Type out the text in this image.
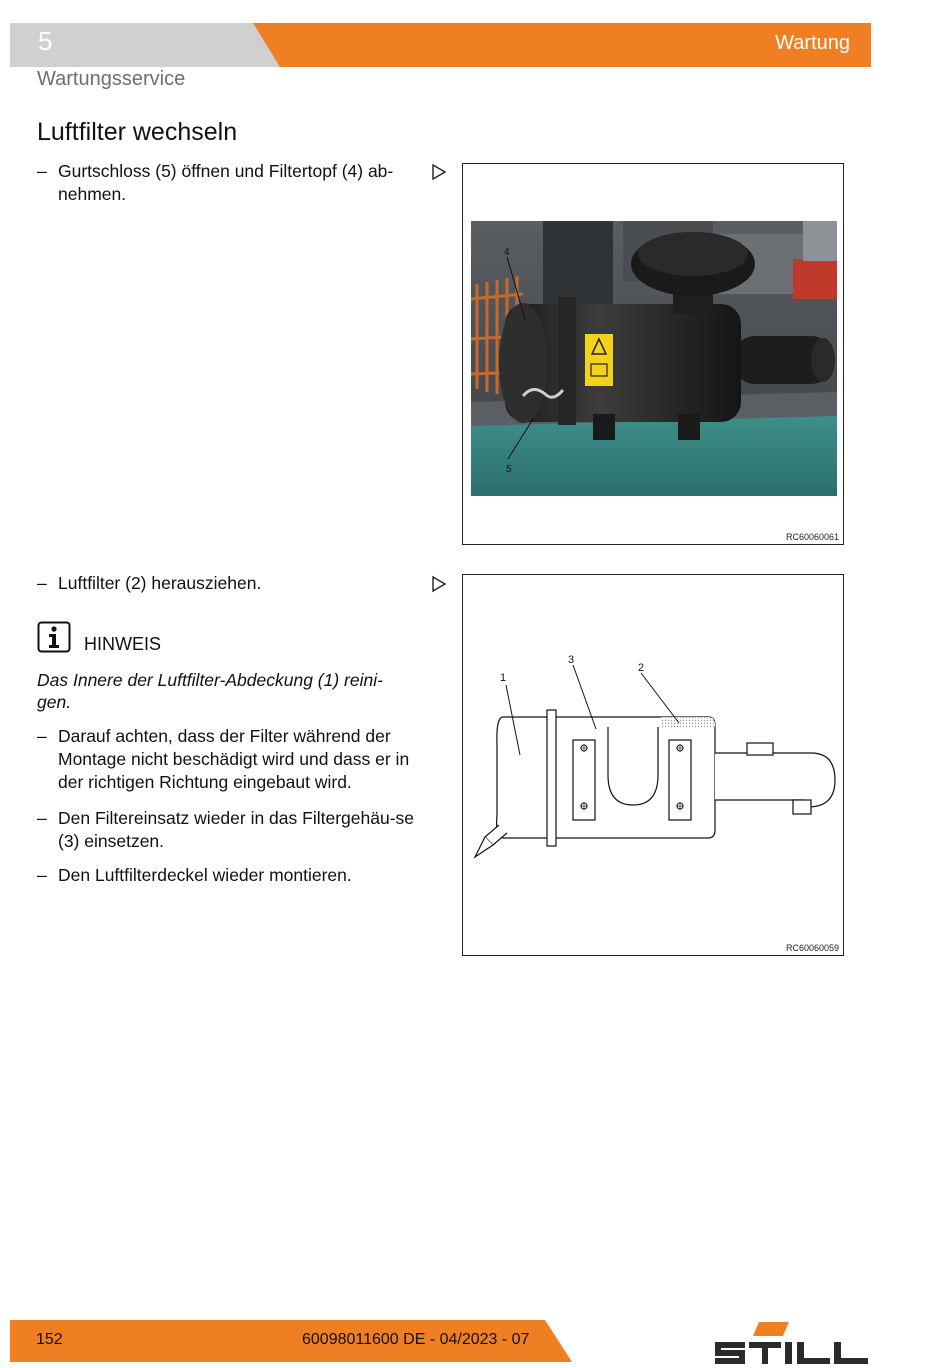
5	Wartung
Wartungsservice
Luftfilter wechseln
– Gurtschloss (5) öffnen und Filtertopf (4) ab-nehmen.
4
5
RC60060061
– Luftfilter (2) herausziehen.
HINWEIS
Das Innere der Luftfilter-Abdeckung (1) reini-gen.
– Darauf achten, dass der Filter während der Montage nicht beschädigt wird und dass er in der richtigen Richtung eingebaut wird.
– Den Filtereinsatz wieder in das Filtergehäu-se (3) einsetzen.
– Den Luftfilterdeckel wieder montieren.
1
3
2
RC60060059
152	60098011600 DE - 04/2023 - 07
STILL
